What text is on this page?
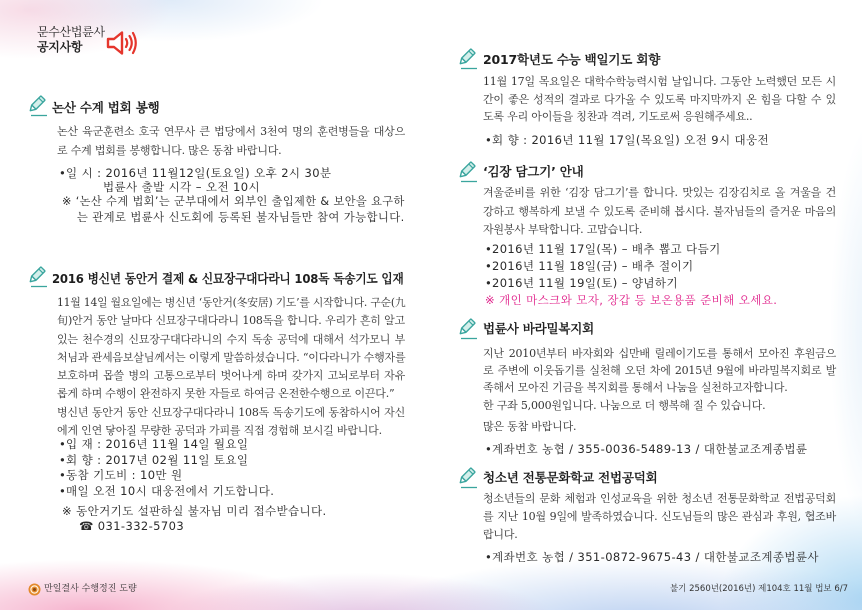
문수산법륜사
공지사항
논산 수계 법회 봉행
논산 육군훈련소 호국 연무사 큰 법당에서 3천여 명의 훈련병들을 대상으
로 수계 법회를 봉행합니다. 많은 동참 바랍니다.
• 일 시 : 2016년 11월12일(토요일) 오후 2시 30분
법륜사 출발 시각 – 오전 10시
※ ‘논산 수계 법회’는 군부대에서 외부인 출입제한 & 보안을 요구하
는 관계로 법륜사 신도회에 등록된 불자님들만 참여 가능합니다.
2016 병신년 동안거 결제 & 신묘장구대다라니 108독 독송기도 입재
11월 14일 월요일에는 병신년 ‘동안거(冬安居) 기도’를 시작합니다. 구순(九
旬)안거 동안 날마다 신묘장구대다라니 108독을 합니다. 우리가 흔히 알고
있는 천수경의 신묘장구대다라니의 수지 독송 공덕에 대해서 석가모니 부
처님과 관세음보살님께서는 이렇게 말씀하셨습니다. “이다라니가 수행자를
보호하며 몹쓸 병의 고통으로부터 벗어나게 하며 갖가지 고뇌로부터 자유
롭게 하며 수행이 완전하지 못한 자들로 하여금 온전한수행으로 이끈다.”
병신년 동안거 동안 신묘장구대다라니 108독 독송기도에 동참하시어 자신
에게 인연 닿아질 무량한 공덕과 가피를 직접 경험해 보시길 바랍니다.
• 입 재 : 2016년 11월 14일 월요일
• 회 향 : 2017년 02월 11일 토요일
• 동참 기도비 : 10만 원
• 매일 오전 10시 대웅전에서 기도합니다.
※ 동안거기도 설판하실 불자님 미리 접수받습니다.
☎ 031-332-5703
2017학년도 수능 백일기도 회향
11월 17일 목요일은 대학수학능력시험 날입니다. 그동안 노력했던 모든 시
간이 좋은 성적의 결과로 다가올 수 있도록 마지막까지 온 힘을 다할 수 있
도록 우리 아이들을 칭찬과 격려, 기도로써 응원해주세요..
• 회 향 : 2016년 11월 17일(목요일) 오전 9시 대웅전
‘김장 담그기’ 안내
겨울준비를 위한 ‘김장 담그기’를 합니다. 맛있는 김장김치로 올 겨울을 건
강하고 행복하게 보낼 수 있도록 준비해 봅시다. 불자님들의 즐거운 마음의
자원봉사 부탁합니다. 고맙습니다.
• 2016년 11월 17일(목) – 배추 뽑고 다듬기
• 2016년 11월 18일(금) – 배추 절이기
• 2016년 11월 19일(토) – 양념하기
※ 개인 마스크와 모자, 장갑 등 보온용품 준비해 오세요.
법륜사 바라밀복지회
지난 2010년부터 바자회와 십만배 릴레이기도를 통해서 모아진 후원금으
로 주변에 이웃돕기를 실천해 오던 차에 2015년 9월에 바라밀복지회로 발
족해서 모아진 기금을 복지회를 통해서 나눔을 실천하고자합니다.
한 구좌 5,000원입니다. 나눔으로 더 행복해 질 수 있습니다.
많은 동참 바랍니다.
• 계좌번호 농협 / 355-0036-5489-13 / 대한불교조계종법륜
청소년 전통문화학교 전법공덕회
청소년들의 문화 체험과 인성교육을 위한 청소년 전통문화학교 전법공덕회
를 지난 10월 9일에 발족하였습니다. 신도님들의 많은 관심과 후원, 협조바
랍니다.
• 계좌번호 농협 / 351-0872-9675-43 / 대한불교조계종법륜사
만일결사 수행정진 도량	불기 2560년(2016년) 제104호 11월 법보 6/7
